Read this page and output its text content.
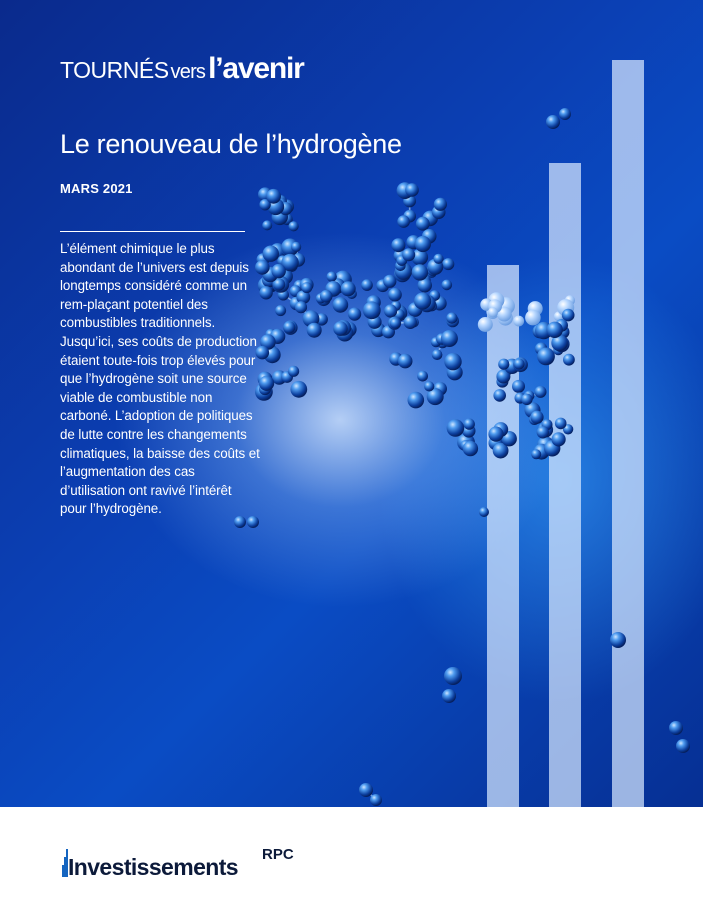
TOURNÉS vers l’avenir
Le renouveau de l’hydrogène
MARS 2021

L’élément chimique le plus abondant de l’univers est depuis longtemps considéré comme un rem-plaçant potentiel des combustibles traditionnels. Jusqu’ici, ses coûts de production étaient toute-fois trop élevés pour que l’hydrogène soit une source viable de combustible non carboné. L’adoption de politiques de lutte contre les changements climatiques, la baisse des coûts et l’augmentation des cas d’utilisation ont ravivé l’intérêt pour l’hydrogène.

Investissements RPC
